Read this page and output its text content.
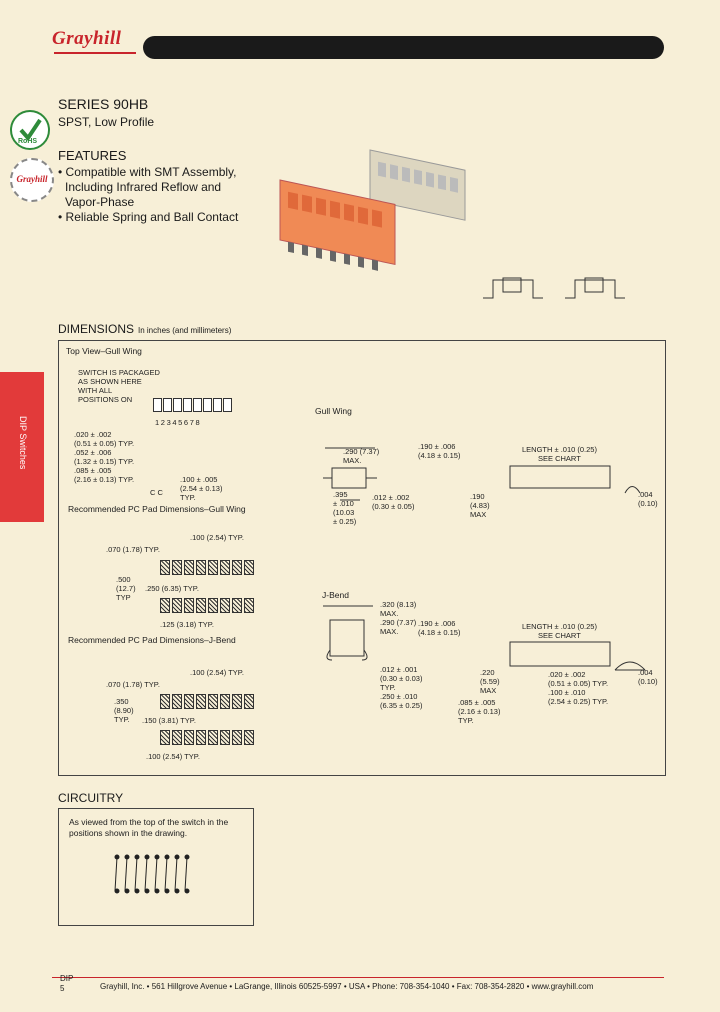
Grayhill
RoHS
Grayhill
SERIES 90HB
SPST, Low Profile
FEATURES
• Compatible with SMT Assembly,
Including Infrared Reflow and
Vapor-Phase
• Reliable Spring and Ball Contact
DIP Switches
DIMENSIONS In inches (and millimeters)
Top View–Gull Wing
SWITCH IS PACKAGED
AS SHOWN HERE
WITH ALL
POSITIONS ON
12345678
.020 ± .002
(0.51 ± 0.05) TYP.
.052 ± .006
(1.32 ± 0.15) TYP.
.085 ± .005
(2.16 ± 0.13) TYP.	.100 ± .005
(2.54 ± 0.13)
TYP.
C C
Gull Wing
.290 (7.37)
MAX.
.395
± .010
(10.03
± 0.25)
.012 ± .002
(0.30 ± 0.05)
.190 ± .006
(4.18 ± 0.15)
LENGTH ± .010 (0.25)
SEE CHART
.190
(4.83)
MAX
.004
(0.10)
Recommended PC Pad Dimensions–Gull Wing
.100 (2.54) TYP.
.070 (1.78) TYP.
.500
(12.7)
TYP
.250 (6.35) TYP.
.125 (3.18) TYP.
Recommended PC Pad Dimensions–J-Bend
.100 (2.54) TYP.
.070 (1.78) TYP.
.350
(8.90)
TYP.	.150 (3.81) TYP.
.100 (2.54) TYP.
J-Bend
.320 (8.13)
MAX.
.290 (7.37)
MAX.
.012 ± .001
(0.30 ± 0.03)
TYP.
.250 ± .010
(6.35 ± 0.25)
.190 ± .006
(4.18 ± 0.15)
LENGTH ± .010 (0.25)
SEE CHART
.220
(5.59)
MAX
.020 ± .002
(0.51 ± 0.05) TYP.
.100 ± .010
(2.54 ± 0.25) TYP.
.085 ± .005
(2.16 ± 0.13)
TYP.
.004
(0.10)
CIRCUITRY
As viewed from the top of the switch in the
positions shown in the drawing.
DIP
5	Grayhill, Inc. • 561 Hillgrove Avenue • LaGrange, Illinois 60525-5997 • USA • Phone: 708-354-1040 • Fax: 708-354-2820 • www.grayhill.com
